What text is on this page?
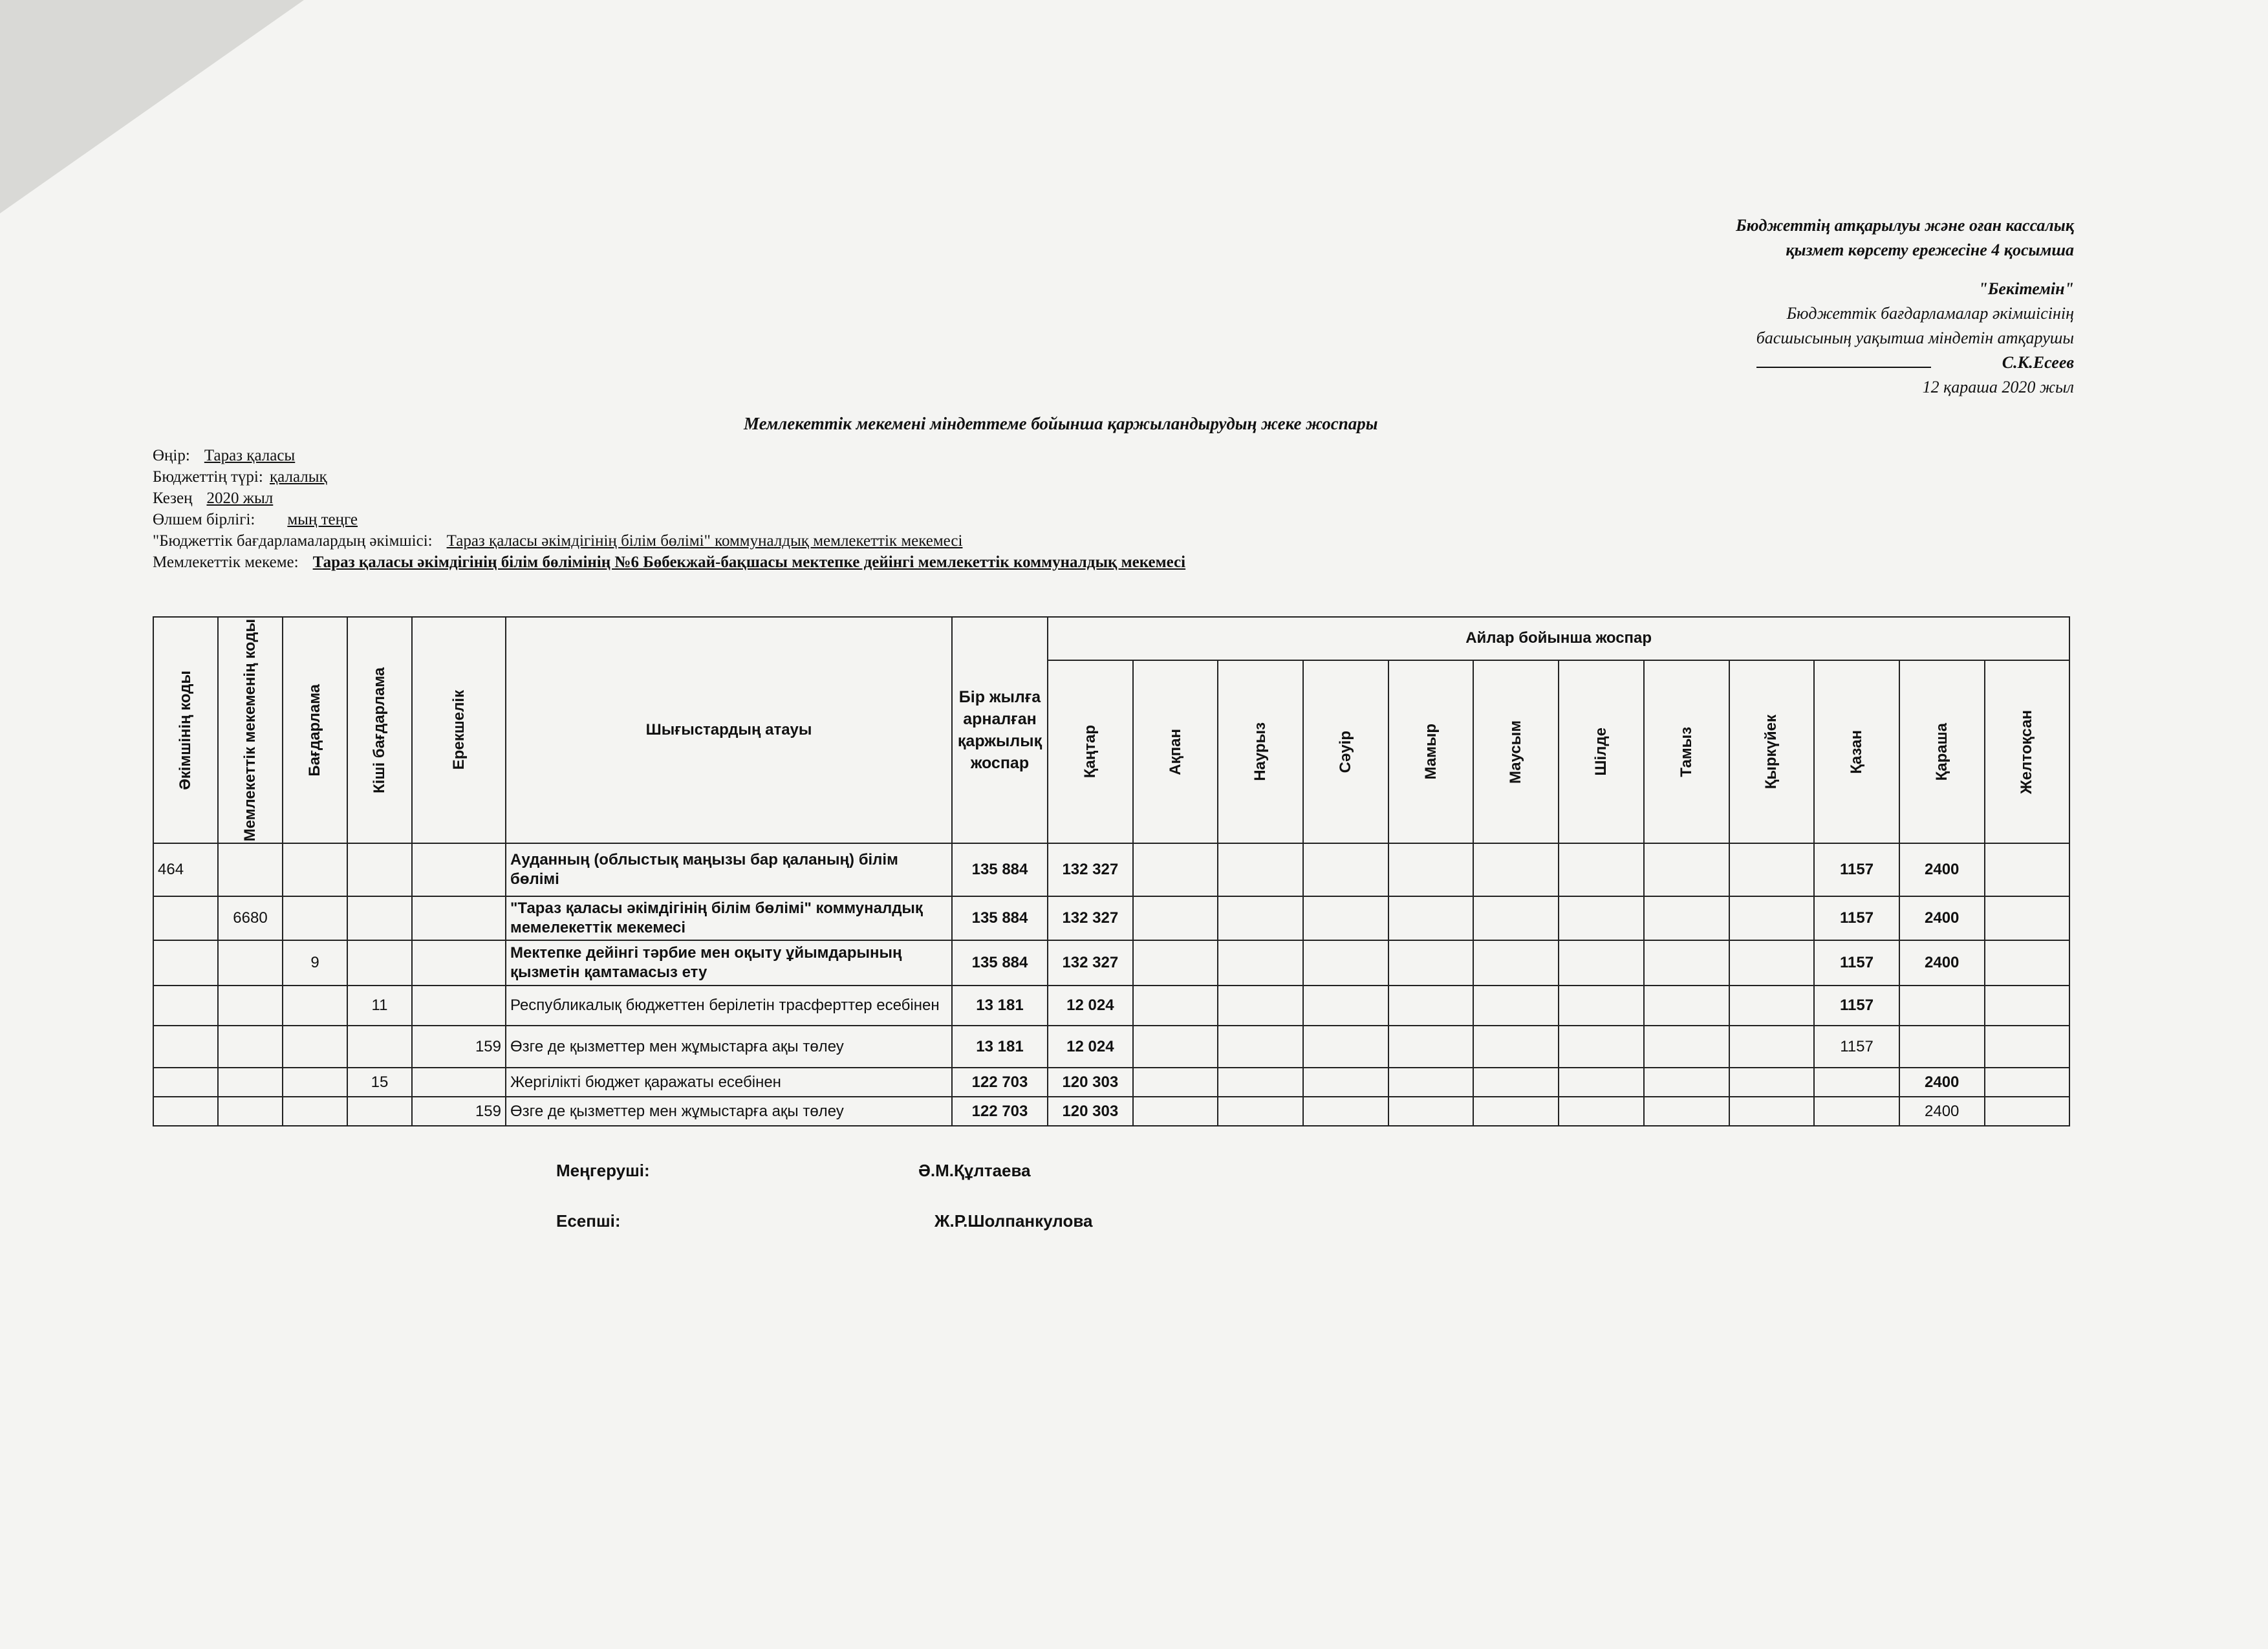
Бюджеттің атқарылуы және оған кассалық
қызмет көрсету ережесіне 4 қосымша
"Бекітемін"
Бюджеттік бағдарламалар әкімшісінің
басшысының уақытша міндетін атқарушы
С.К.Есеев
12 қараша 2020 жыл
Мемлекеттік мекемені міндеттеме бойынша қаржыландырудың жеке жоспары
Өңір: Тараз қаласы
Бюджеттің түрі: қалалық
Кезең 2020 жыл
Өлшем бірлігі: мың теңге
"Бюджеттік бағдарламалардың әкімшісі: Тараз қаласы әкімдігінің білім бөлімі" коммуналдық мемлекеттік мекемесі
Мемлекеттік мекеме: Тараз қаласы әкімдігінің білім бөлімінің №6 Бөбекжай-бақшасы мектепке дейінгі мемлекеттік коммуналдық мекемесі
Әкімшінің коды	Мемлекеттік мекеменің коды	Бағдарлама	Кіші бағдарлама	Ерекшелік	Шығыстардың атауы	Бір жылға арналған қаржылық жоспар	Айлар бойынша жоспар											

							Қаңтар	Ақпан	Наурыз	Сәуір	Мамыр	Маусым	Шілде	Тамыз	Қыркүйек	Қазан	Қараша	Желтоқсан

464					Ауданның (облыстық маңызы бар қаланың) білім бөлімі	135 884	132 327									1157	2400	
	6680				"Тараз қаласы әкімдігінің білім бөлімі" коммуналдық мемелекеттік мекемесі	135 884	132 327									1157	2400	
		9			Мектепке дейінгі тәрбие мен оқыту ұйымдарының қызметін қамтамасыз ету	135 884	132 327									1157	2400	
			11		Республикалық бюджеттен берілетін трасферттер есебінен	13 181	12 024									1157		
				159	Өзге де қызметтер мен жұмыстарға ақы төлеу	13 181	12 024									1157		
			15		Жергілікті бюджет қаражаты есебінен	122 703	120 303										2400	
				159	Өзге де қызметтер мен жұмыстарға ақы төлеу	122 703	120 303										2400	
Меңгеруші:	Ә.М.Құлтаева
Есепші:	Ж.Р.Шолпанкулова
